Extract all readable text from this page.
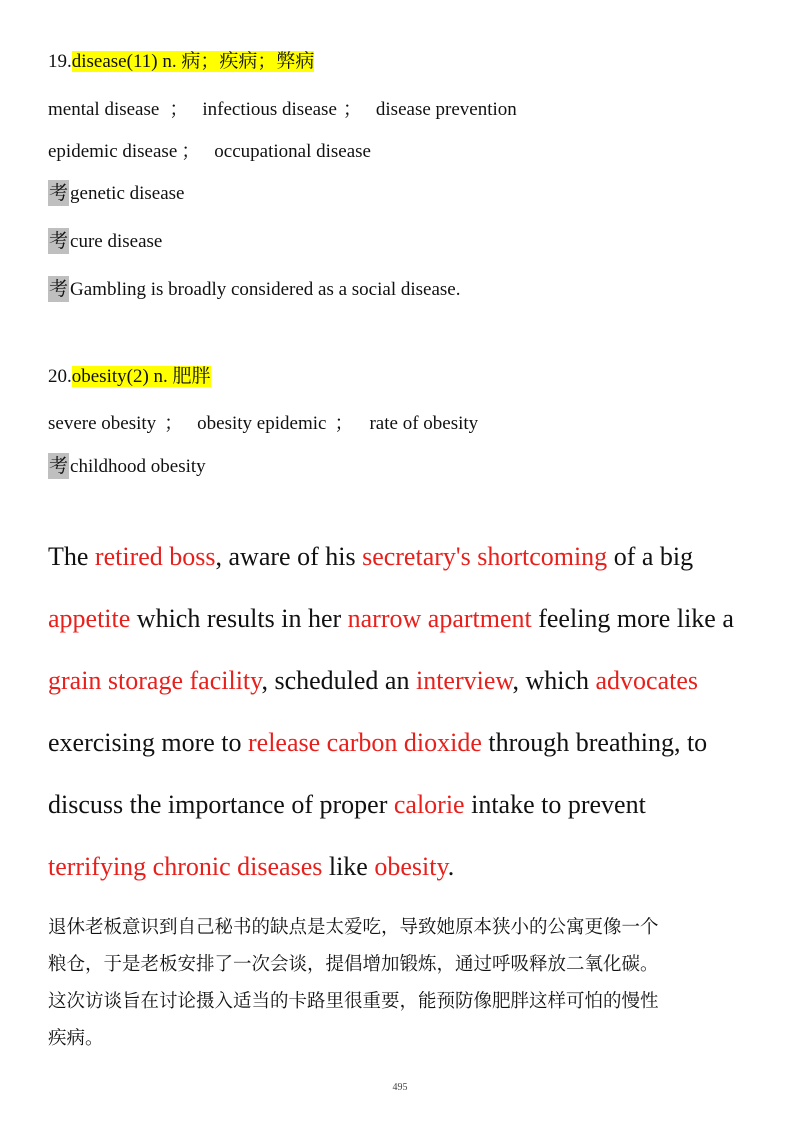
19.disease(11) n. 病；疾病；弊病
mental disease ； infectious disease ； disease prevention
epidemic disease ； occupational disease
考 genetic disease
考 cure disease
考 Gambling is broadly considered as a social disease.
20.obesity(2) n. 肥胖
severe obesity ； obesity epidemic ； rate of obesity
考 childhood obesity
The retired boss, aware of his secretary's shortcoming of a big
appetite which results in her narrow apartment feeling more like a
grain storage facility, scheduled an interview, which advocates
exercising more to release carbon dioxide through breathing, to
discuss the importance of proper calorie intake to prevent
terrifying chronic diseases like obesity.
退休老板意识到自己秘书的缺点是太爱吃，导致她原本狭小的公寓更像一个
粮仓，于是老板安排了一次会谈，提倡增加锻炼，通过呼吸释放二氧化碳。
这次访谈旨在讨论摄入适当的卡路里很重要，能预防像肥胖这样可怕的慢性
疾病。
495
